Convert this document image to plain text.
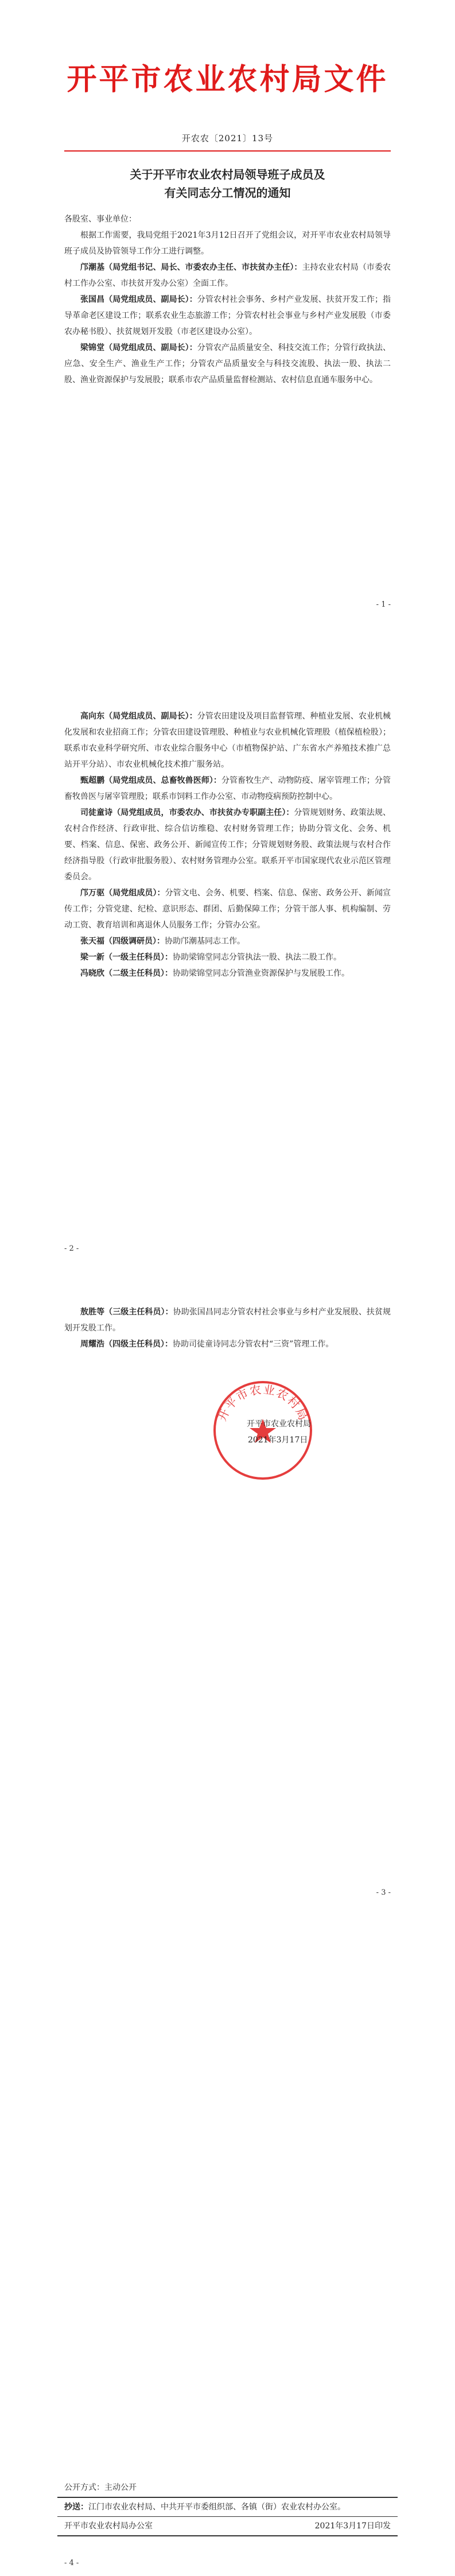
开平市农业农村局文件
开农农〔2021〕13号
关于开平市农业农村局领导班子成员及
有关同志分工情况的通知

各股室、事业单位：

根据工作需要，我局党组于2021年3月12日召开了党组会议，对开平市农业农村局领导班子成员及协管领导工作分工进行调整。

邝潮基（局党组书记、局长、市委农办主任、市扶贫办主任）：主持农业农村局（市委农村工作办公室、市扶贫开发办公室）全面工作。

张国昌（局党组成员、副局长）：分管农村社会事务、乡村产业发展、扶贫开发工作；指导革命老区建设工作；联系农业生态旅游工作；分管农村社会事业与乡村产业发展股（市委农办秘书股）、扶贫规划开发股（市老区建设办公室）。

梁锦堂（局党组成员、副局长）：分管农产品质量安全、科技交流工作；分管行政执法、应急、安全生产、渔业生产工作；分管农产品质量安全与科技交流股、执法一股、执法二股、渔业资源保护与发展股；联系市农产品质量监督检测站、农村信息直通车服务中心。

- 1 -

高向东（局党组成员、副局长）：分管农田建设及项目监督管理、种植业发展、农业机械化发展和农业招商工作；分管农田建设管理股、种植业与农业机械化管理股（植保植检股）；联系市农业科学研究所、市农业综合服务中心（市植物保护站、广东省水产养殖技术推广总站开平分站）、市农业机械化技术推广服务站。

甄超鹏（局党组成员、总畜牧兽医师）：分管畜牧生产、动物防疫、屠宰管理工作；分管畜牧兽医与屠宰管理股；联系市饲料工作办公室、市动物疫病预防控制中心。

司徒童诗（局党组成员，市委农办、市扶贫办专职副主任）：分管规划财务、政策法规、农村合作经济、行政审批、综合信访维稳、农村财务管理工作；协助分管文化、会务、机要、档案、信息、保密、政务公开、新闻宣传工作；分管规划财务股、政策法规与农村合作经济指导股（行政审批服务股）、农村财务管理办公室。联系开平市国家现代农业示范区管理委员会。

邝万驱（局党组成员）：分管文电、会务、机要、档案、信息、保密、政务公开、新闻宣传工作；分管党建、纪检、意识形态、群团、后勤保障工作；分管干部人事、机构编制、劳动工资、教育培训和离退休人员服务工作；分管办公室。

张天福（四级调研员）：协助邝潮基同志工作。

梁一新（一级主任科员）：协助梁锦堂同志分管执法一股、执法二股工作。

冯晓欣（二级主任科员）：协助梁锦堂同志分管渔业资源保护与发展股工作。

- 2 -

敖胜等（三级主任科员）：协助张国昌同志分管农村社会事业与乡村产业发展股、扶贫规划开发股工作。

周耀浩（四级主任科员）：协助司徒童诗同志分管农村“三资”管理工作。

开平市农业农村局
开平市农业农村局
2021年3月17日
- 3 -
公开方式：主动公开
抄送：江门市农业农村局、中共开平市委组织部、各镇（街）农业农村办公室。
开平市农业农村局办公室	2021年3月17日印发
- 4 -
